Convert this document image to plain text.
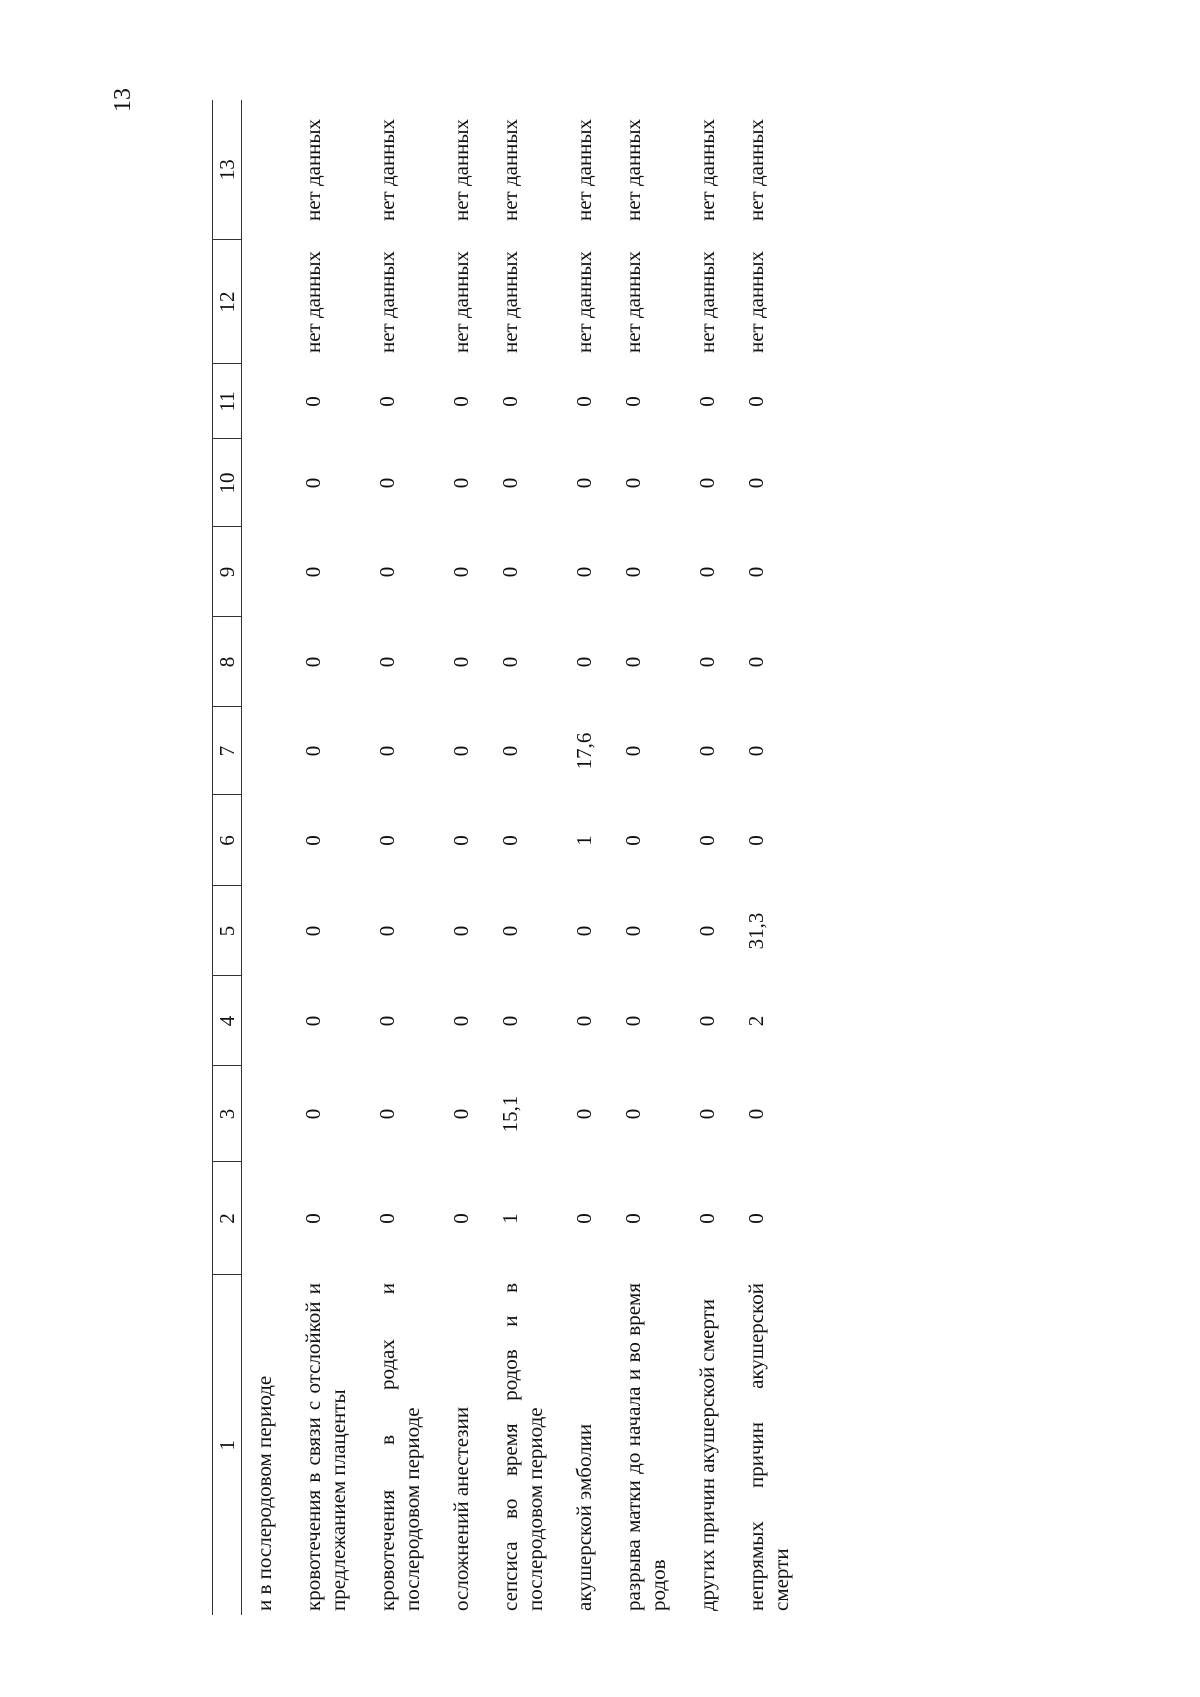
13
1	2	3	4	5	6	7	8	9	10	11	12	13
и в послеродовом периоде												
кровотечения в связи с отслойкой и предлежанием плаценты	0	0	0	0	0	0	0	0	0	0	нет данных	нет данных
кровотечения в родах и послеродовом периоде	0	0	0	0	0	0	0	0	0	0	нет данных	нет данных
осложнений анестезии	0	0	0	0	0	0	0	0	0	0	нет данных	нет данных
сепсиса во время родов и в послеродовом периоде	1	15,1	0	0	0	0	0	0	0	0	нет данных	нет данных
акушерской эмболии	0	0	0	0	1	17,6	0	0	0	0	нет данных	нет данных
разрыва матки до начала и во время родов	0	0	0	0	0	0	0	0	0	0	нет данных	нет данных
других причин акушерской смерти	0	0	0	0	0	0	0	0	0	0	нет данных	нет данных
непрямых причин акушерской смерти	0	0	2	31,3	0	0	0	0	0	0	нет данных	нет данных
